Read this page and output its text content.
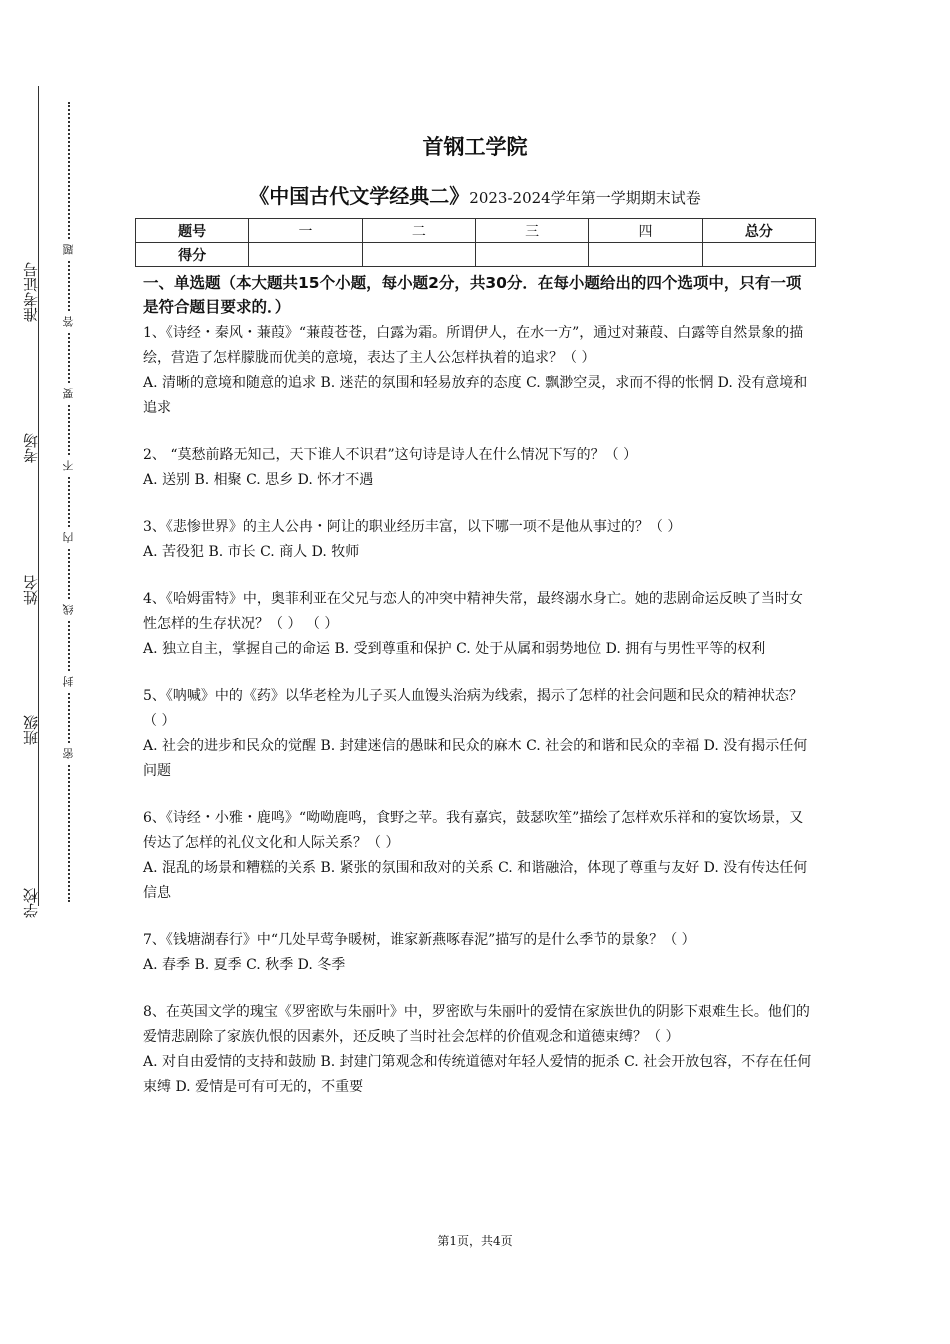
准考证号
考场
姓名
班级
学校
题
答
要
不
内
线
封
密
首钢工学院
《中国古代文学经典二》2023-2024学年第一学期期末试卷
题号	一	二	三	四	总分
得分					
一、单选题（本大题共15个小题，每小题2分，共30分．在每小题给出的四个选项中，只有一项是符合题目要求的．）

1、《诗经・秦风・蒹葭》“蒹葭苍苍，白露为霜。所谓伊人，在水一方”，通过对蒹葭、白露等自然景象的描绘，营造了怎样朦胧而优美的意境，表达了主人公怎样执着的追求？（ ）

A. 清晰的意境和随意的追求 B. 迷茫的氛围和轻易放弃的态度 C. 飘渺空灵，求而不得的怅惘 D. 没有意境和追求

2、 “莫愁前路无知己，天下谁人不识君”这句诗是诗人在什么情况下写的？（ ）

A. 送别 B. 相聚 C. 思乡 D. 怀才不遇

3、《悲惨世界》的主人公冉・阿让的职业经历丰富，以下哪一项不是他从事过的？（ ）

A. 苦役犯 B. 市长 C. 商人 D. 牧师

4、《哈姆雷特》中，奥菲利亚在父兄与恋人的冲突中精神失常，最终溺水身亡。她的悲剧命运反映了当时女性怎样的生存状况？（ ） （ ）

A. 独立自主，掌握自己的命运 B. 受到尊重和保护 C. 处于从属和弱势地位 D. 拥有与男性平等的权利

5、《呐喊》中的《药》以华老栓为儿子买人血馒头治病为线索，揭示了怎样的社会问题和民众的精神状态？（ ）

A. 社会的进步和民众的觉醒 B. 封建迷信的愚昧和民众的麻木 C. 社会的和谐和民众的幸福 D. 没有揭示任何问题

6、《诗经・小雅・鹿鸣》“呦呦鹿鸣，食野之苹。我有嘉宾，鼓瑟吹笙”描绘了怎样欢乐祥和的宴饮场景，又传达了怎样的礼仪文化和人际关系？（ ）

A. 混乱的场景和糟糕的关系 B. 紧张的氛围和敌对的关系 C. 和谐融洽，体现了尊重与友好 D. 没有传达任何信息

7、《钱塘湖春行》中“几处早莺争暖树，谁家新燕啄春泥”描写的是什么季节的景象？（ ）

A. 春季 B. 夏季 C. 秋季 D. 冬季

8、在英国文学的瑰宝《罗密欧与朱丽叶》中，罗密欧与朱丽叶的爱情在家族世仇的阴影下艰难生长。他们的爱情悲剧除了家族仇恨的因素外，还反映了当时社会怎样的价值观念和道德束缚？（ ）

A. 对自由爱情的支持和鼓励 B. 封建门第观念和传统道德对年轻人爱情的扼杀 C. 社会开放包容，不存在任何束缚 D. 爱情是可有可无的，不重要

第1页，共4页
